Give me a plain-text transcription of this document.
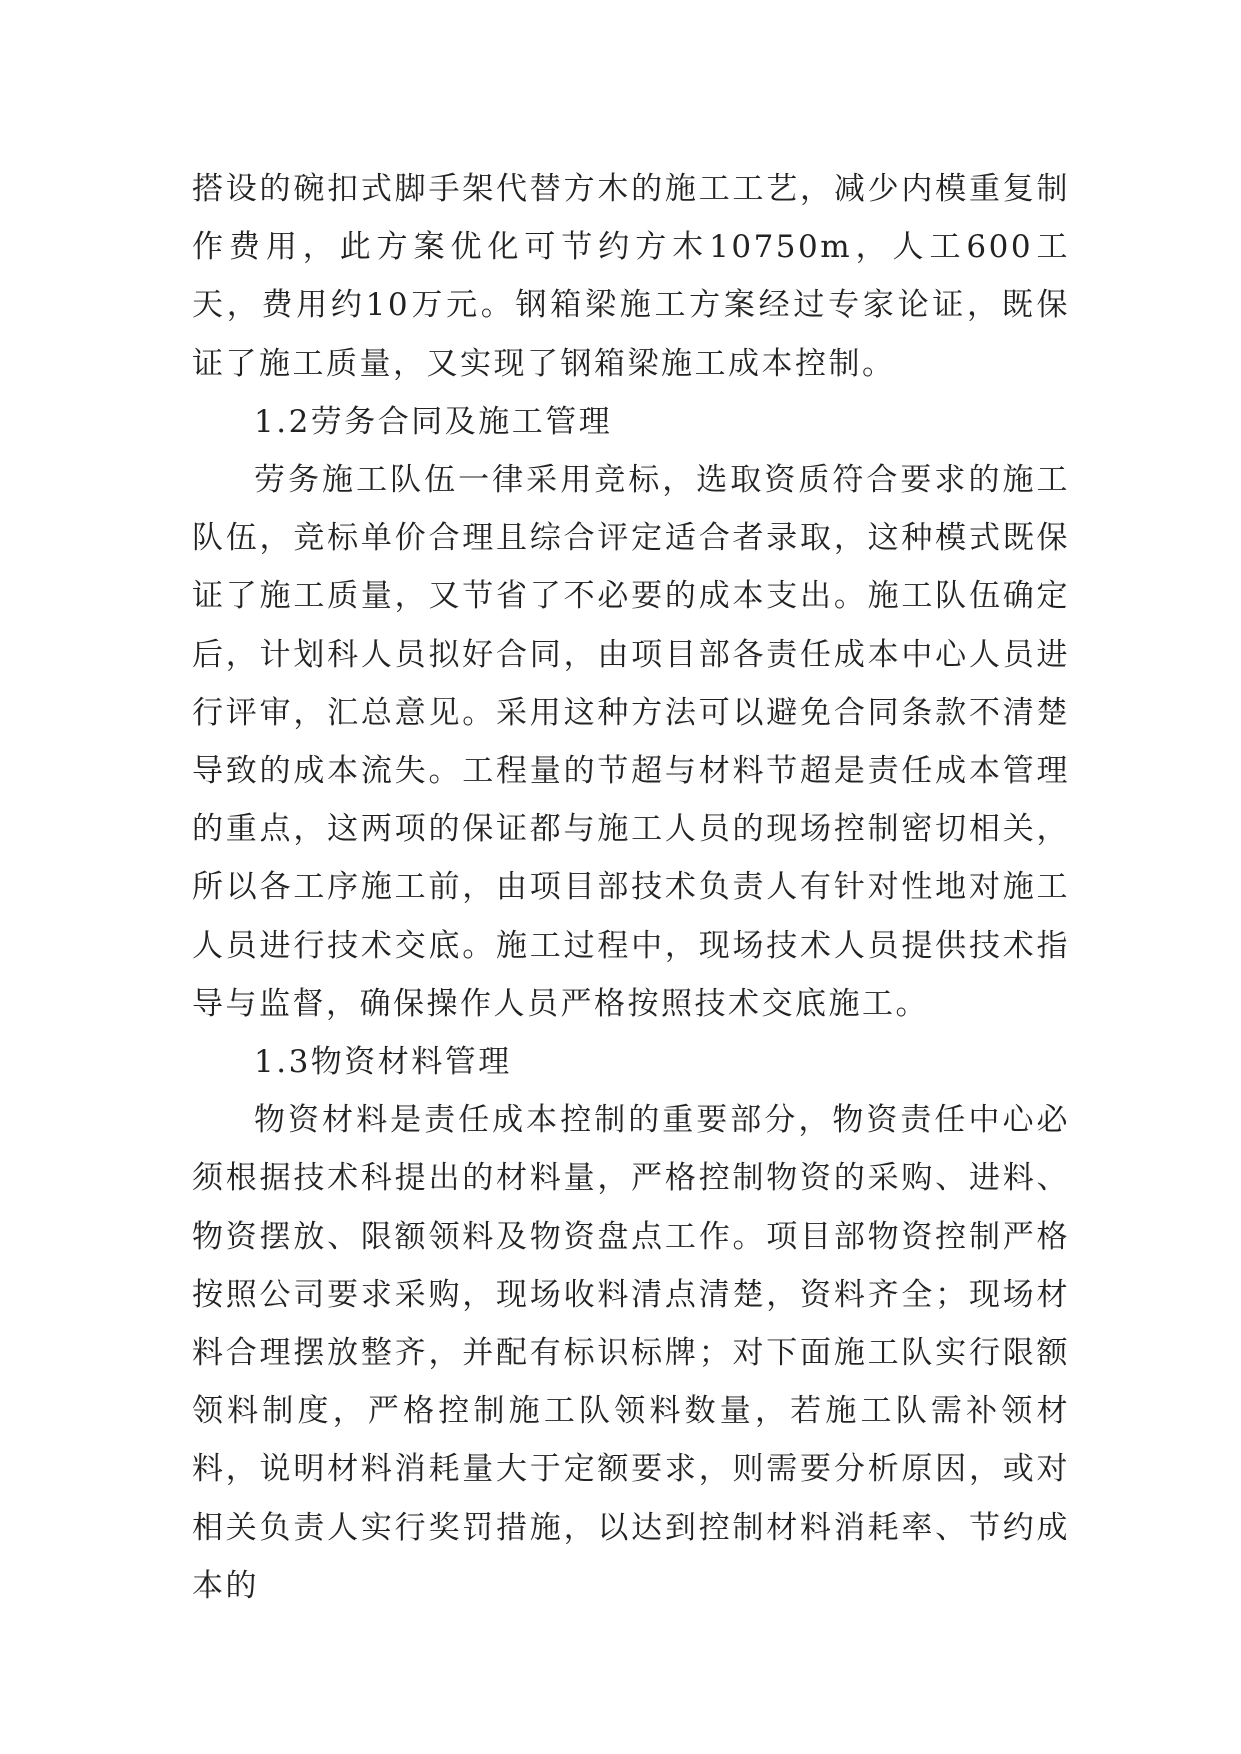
搭设的碗扣式脚手架代替方木的施工工艺，减少内模重复制作费用，此方案优化可节约方木10750m，人工600工天，费用约10万元。钢箱梁施工方案经过专家论证，既保证了施工质量，又实现了钢箱梁施工成本控制。

1.2劳务合同及施工管理

劳务施工队伍一律采用竞标，选取资质符合要求的施工队伍，竞标单价合理且综合评定适合者录取，这种模式既保证了施工质量，又节省了不必要的成本支出。施工队伍确定后，计划科人员拟好合同，由项目部各责任成本中心人员进行评审，汇总意见。采用这种方法可以避免合同条款不清楚导致的成本流失。工程量的节超与材料节超是责任成本管理的重点，这两项的保证都与施工人员的现场控制密切相关，所以各工序施工前，由项目部技术负责人有针对性地对施工人员进行技术交底。施工过程中，现场技术人员提供技术指导与监督，确保操作人员严格按照技术交底施工。

1.3物资材料管理

物资材料是责任成本控制的重要部分，物资责任中心必须根据技术科提出的材料量，严格控制物资的采购、进料、物资摆放、限额领料及物资盘点工作。项目部物资控制严格按照公司要求采购，现场收料清点清楚，资料齐全；现场材料合理摆放整齐，并配有标识标牌；对下面施工队实行限额领料制度，严格控制施工队领料数量，若施工队需补领材料，说明材料消耗量大于定额要求，则需要分析原因，或对相关负责人实行奖罚措施，以达到控制材料消耗率、节约成本的
